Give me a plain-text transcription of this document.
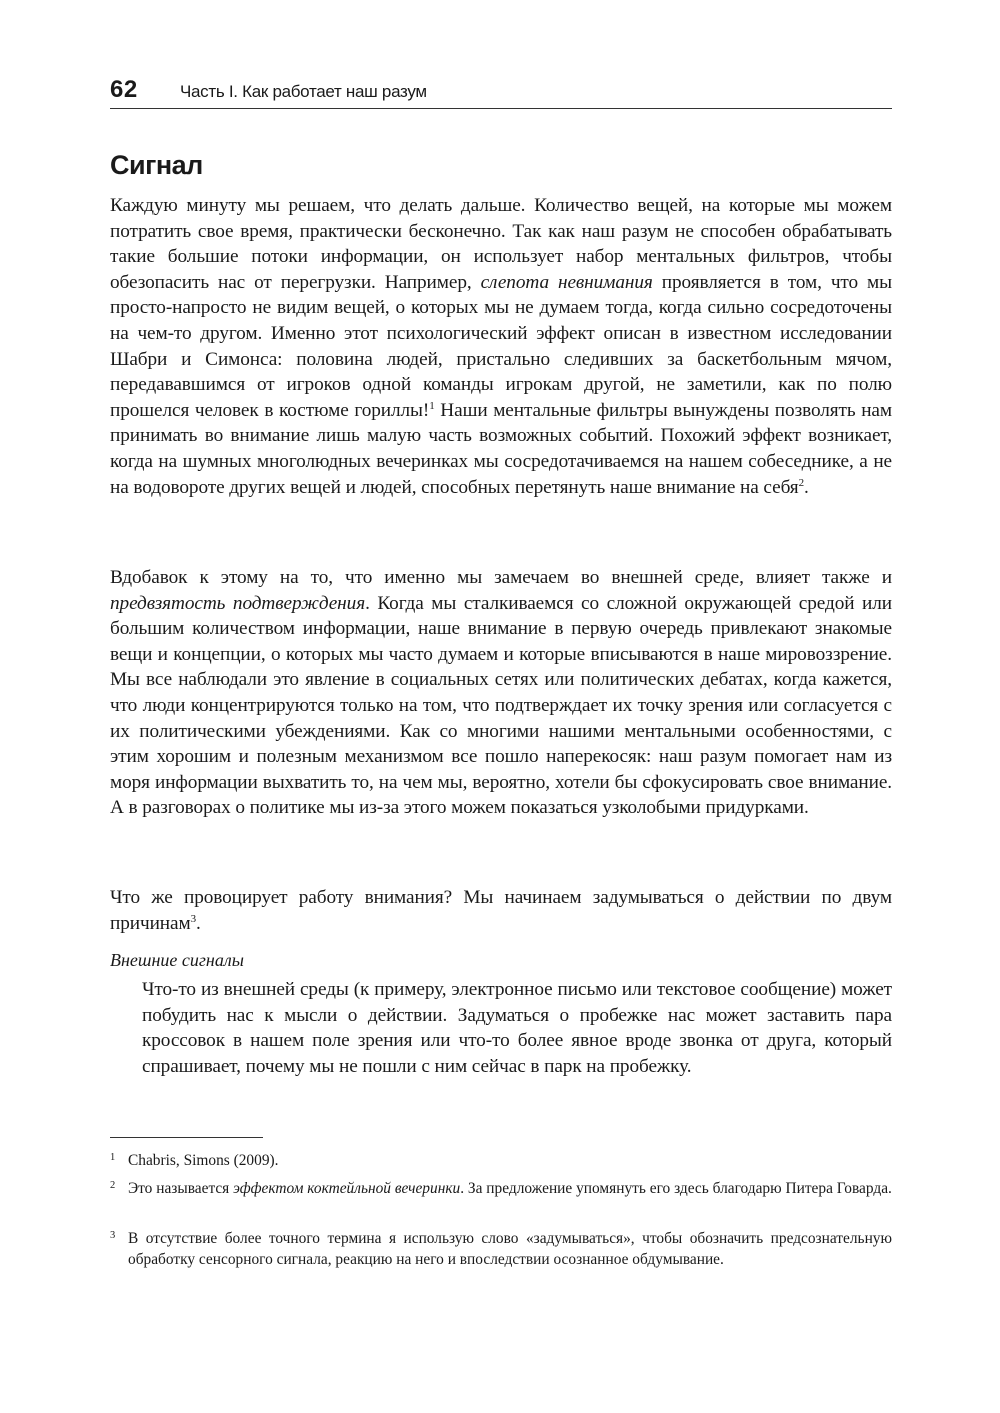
62 Часть I. Как работает наш разум
Сигнал

Каждую минуту мы решаем, что делать дальше. Количество вещей, на которые мы можем потратить свое время, практически бесконечно. Так как наш разум не способен обрабатывать такие большие потоки информации, он использует набор ментальных фильтров, чтобы обезопасить нас от перегрузки. Например, слепота невнимания проявляется в том, что мы просто-напросто не видим вещей, о которых мы не думаем тогда, когда сильно сосредоточены на чем-то другом. Именно этот психологический эффект описан в известном исследовании Шабри и Симонса: половина людей, пристально следивших за баскетбольным мячом, передававшимся от игроков одной команды игрокам другой, не заметили, как по полю прошелся человек в костюме гориллы!$^1$ Наши ментальные фильтры вынуждены позволять нам принимать во внимание лишь малую часть возможных событий. Похожий эффект возникает, когда на шумных многолюдных вечеринках мы сосредотачиваемся на нашем собеседнике, а не на водовороте других вещей и людей, способных перетянуть наше внимание на себя$^2$.

Вдобавок к этому на то, что именно мы замечаем во внешней среде, влияет также и предвзятость подтверждения. Когда мы сталкиваемся со сложной окружающей средой или большим количеством информации, наше внимание в первую очередь привлекают знакомые вещи и концепции, о которых мы часто думаем и которые вписываются в наше мировоззрение. Мы все наблюдали это явление в социальных сетях или политических дебатах, когда кажется, что люди концентрируются только на том, что подтверждает их точку зрения или согласуется с их политическими убеждениями. Как со многими нашими ментальными особенностями, с этим хорошим и полезным механизмом все пошло наперекосяк: наш разум помогает нам из моря информации выхватить то, на чем мы, вероятно, хотели бы сфокусировать свое внимание. А в разговорах о политике мы из-за этого можем показаться узколобыми придурками.

Что же провоцирует работу внимания? Мы начинаем задумываться о действии по двум причинам$^3$.

Внешние сигналы

Что-то из внешней среды (к примеру, электронное письмо или текстовое сообщение) может побудить нас к мысли о действии. Задуматься о пробежке нас может заставить пара кроссовок в нашем поле зрения или что-то более явное вроде звонка от друга, который спрашивает, почему мы не пошли с ним сейчас в парк на пробежку.

1 Chabris, Simons (2009).
2 Это называется эффектом коктейльной вечеринки. За предложение упомянуть его здесь благодарю Питера Говарда.
3 В отсутствие более точного термина я использую слово «задумываться», чтобы обозначить предсознательную обработку сенсорного сигнала, реакцию на него и впоследствии осознанное обдумывание.
